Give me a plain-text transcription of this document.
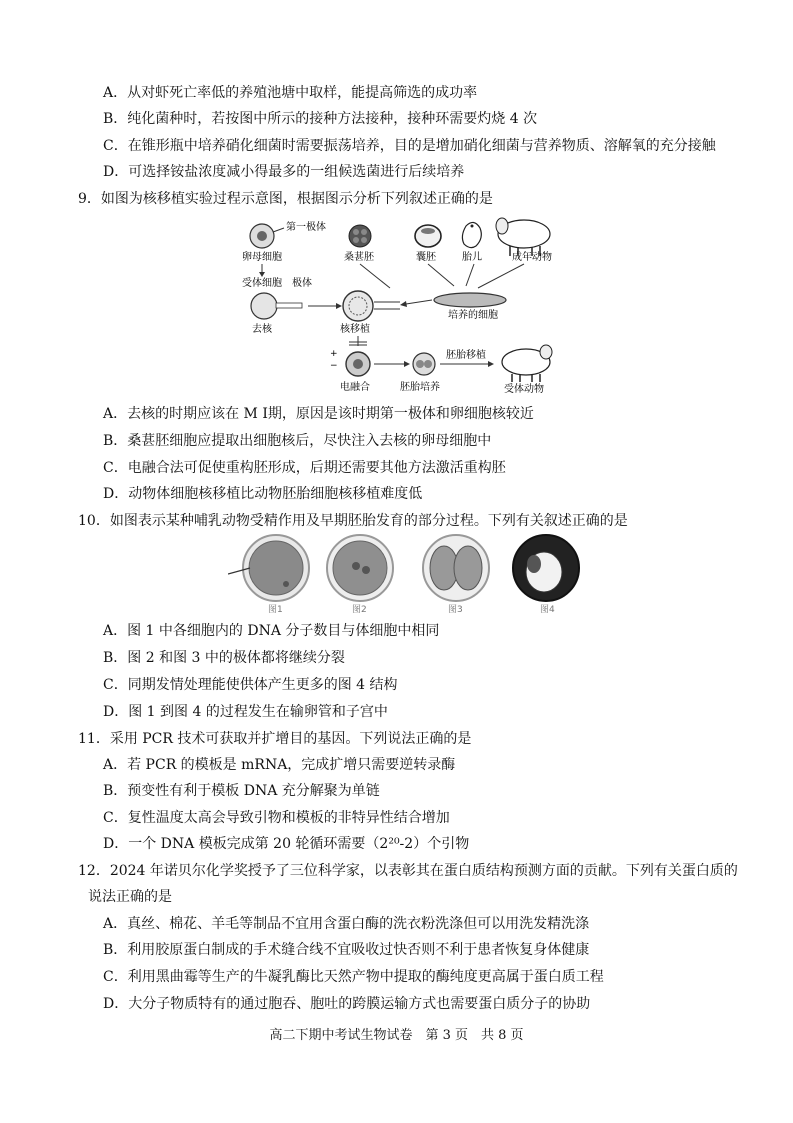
A．从对虾死亡率低的养殖池塘中取样，能提高筛选的成功率
B．纯化菌种时，若按图中所示的接种方法接种，接种环需要灼烧 4 次
C．在锥形瓶中培养硝化细菌时需要振荡培养，目的是增加硝化细菌与营养物质、溶解氧的充分接触
D．可选择铵盐浓度减小得最多的一组候选菌进行后续培养
9．如图为核移植实验过程示意图，根据图示分析下列叙述正确的是
第一极体
卵母细胞
受体细胞 极体
去核	核移植
桑葚胚	囊胚	胎儿	成年动物
培养的细胞
+
−
电融合	胚胎培养
胚胎移植
受体动物
A．去核的时期应该在 M Ⅰ期，原因是该时期第一极体和卵细胞核较近
B．桑葚胚细胞应提取出细胞核后，尽快注入去核的卵母细胞中
C．电融合法可促使重构胚形成，后期还需要其他方法激活重构胚
D．动物体细胞核移植比动物胚胎细胞核移植难度低
10．如图表示某种哺乳动物受精作用及早期胚胎发育的部分过程。下列有关叙述正确的是
图1	图2	图3	图4
A．图 1 中各细胞内的 DNA 分子数目与体细胞中相同
B．图 2 和图 3 中的极体都将继续分裂
C．同期发情处理能使供体产生更多的图 4 结构
D．图 1 到图 4 的过程发生在输卵管和子宫中
11．采用 PCR 技术可获取并扩增目的基因。下列说法正确的是
A．若 PCR 的模板是 mRNA，完成扩增只需要逆转录酶
B．预变性有利于模板 DNA 充分解聚为单链
C．复性温度太高会导致引物和模板的非特异性结合增加
D．一个 DNA 模板完成第 20 轮循环需要（2²⁰-2）个引物
12．2024 年诺贝尔化学奖授予了三位科学家，以表彰其在蛋白质结构预测方面的贡献。下列有关蛋白质的
说法正确的是
A．真丝、棉花、羊毛等制品不宜用含蛋白酶的洗衣粉洗涤但可以用洗发精洗涤
B．利用胶原蛋白制成的手术缝合线不宜吸收过快否则不利于患者恢复身体健康
C．利用黑曲霉等生产的牛凝乳酶比天然产物中提取的酶纯度更高属于蛋白质工程
D．大分子物质特有的通过胞吞、胞吐的跨膜运输方式也需要蛋白质分子的协助
高二下期中考试生物试卷　第 3 页　共 8 页
